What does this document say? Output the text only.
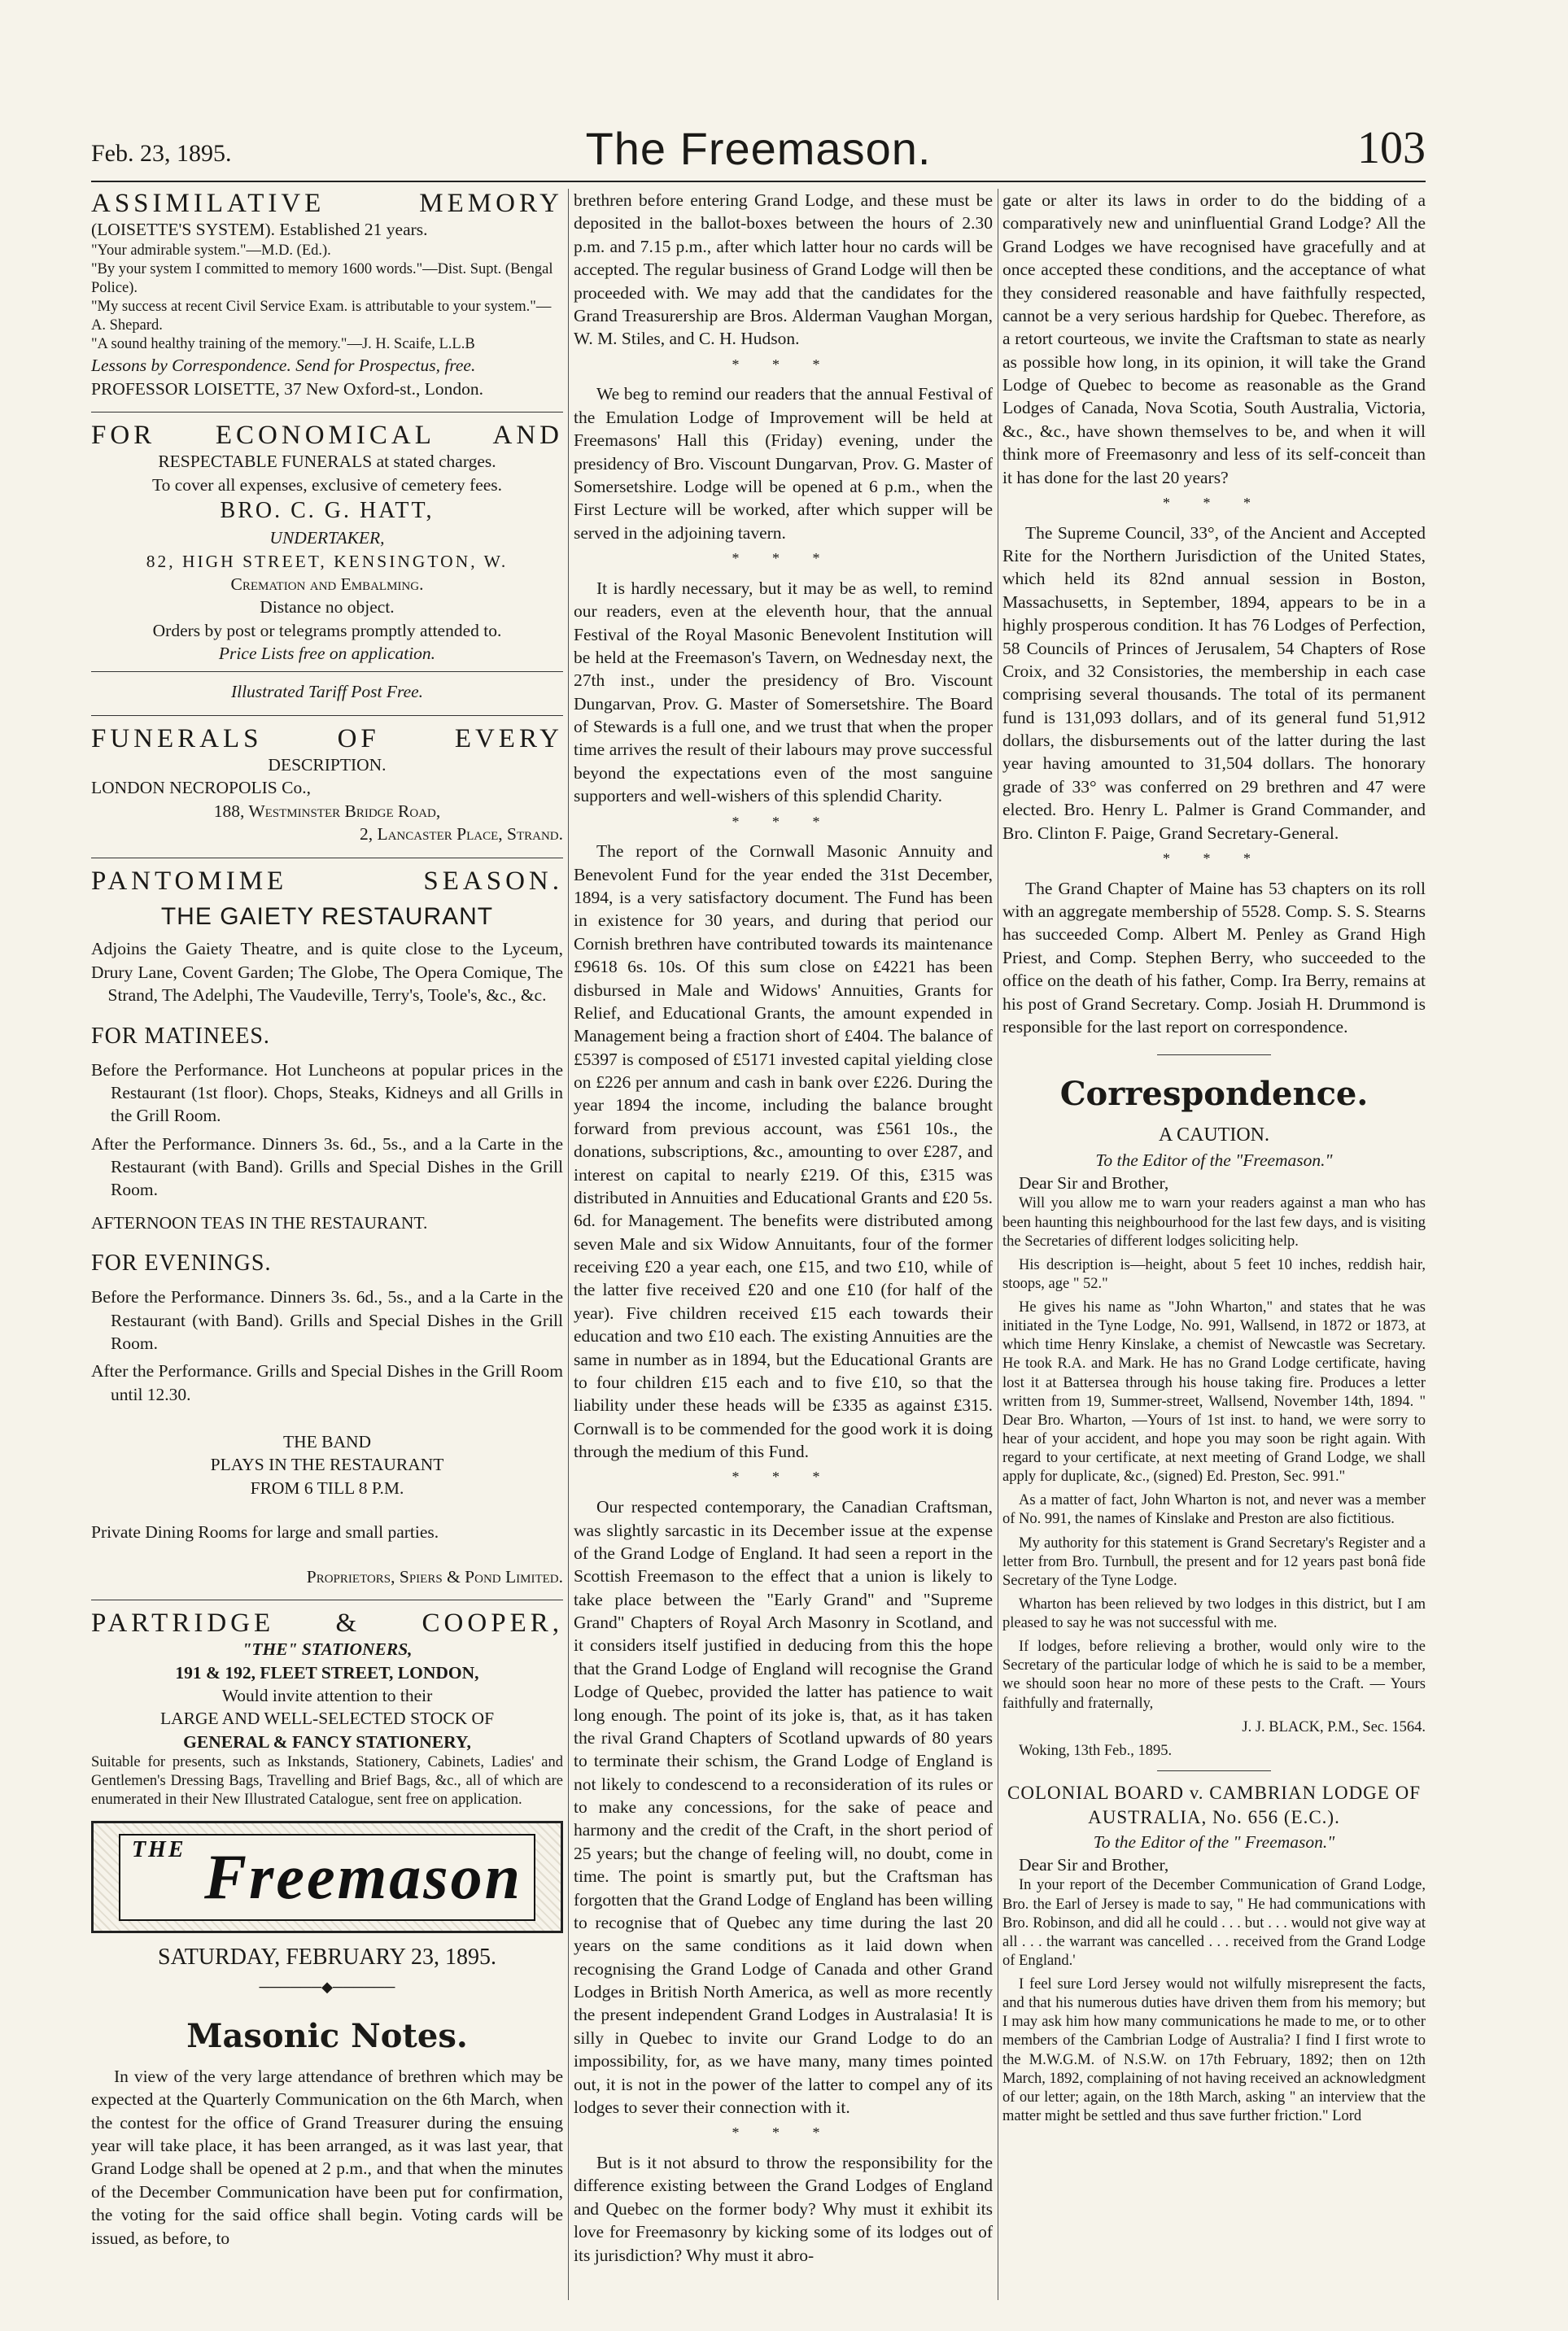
Feb. 23, 1895.	The Freemason.	103
ASSIMILATIVE MEMORY
(LOISETTE'S SYSTEM). Established 21 years.
"Your admirable system."—M.D. (Ed.).
"By your system I committed to memory 1600 words."—Dist. Supt. (Bengal Police).
"My success at recent Civil Service Exam. is attributable to your system."—A. Shepard.
"A sound healthy training of the memory."—J. H. Scaife, L.L.B
Lessons by Correspondence. Send for Prospectus, free.
PROFESSOR LOISETTE, 37 New Oxford-st., London.
FOR ECONOMICAL AND
RESPECTABLE FUNERALS at stated charges.
To cover all expenses, exclusive of cemetery fees.
BRO. C. G. HATT,
UNDERTAKER,
82, HIGH STREET, KENSINGTON, W.
Cremation and Embalming.
Distance no object.
Orders by post or telegrams promptly attended to.
Price Lists free on application.
Illustrated Tariff Post Free.
FUNERALS OF EVERY
DESCRIPTION.
LONDON NECROPOLIS Co.,
188, Westminster Bridge Road,
2, Lancaster Place, Strand.
PANTOMIME SEASON.
THE GAIETY RESTAURANT

Adjoins the Gaiety Theatre, and is quite close to the Lyceum, Drury Lane, Covent Garden; The Globe, The Opera Comique, The Strand, The Adelphi, The Vaudeville, Terry's, Toole's, &c., &c.

FOR MATINEES.

Before the Performance. Hot Luncheons at popular prices in the Restaurant (1st floor). Chops, Steaks, Kidneys and all Grills in the Grill Room.

After the Performance. Dinners 3s. 6d., 5s., and a la Carte in the Restaurant (with Band). Grills and Special Dishes in the Grill Room.

AFTERNOON TEAS IN THE RESTAURANT.
FOR EVENINGS.

Before the Performance. Dinners 3s. 6d., 5s., and a la Carte in the Restaurant (with Band). Grills and Special Dishes in the Grill Room.

After the Performance. Grills and Special Dishes in the Grill Room until 12.30.

THE BAND
PLAYS IN THE RESTAURANT
FROM 6 TILL 8 P.M.
Private Dining Rooms for large and small parties.
Proprietors, Spiers & Pond Limited.
PARTRIDGE & COOPER,
"THE" STATIONERS,
191 & 192, FLEET STREET, LONDON,
Would invite attention to their
LARGE AND WELL-SELECTED STOCK OF
GENERAL & FANCY STATIONERY,
Suitable for presents, such as Inkstands, Stationery, Cabinets, Ladies' and Gentlemen's Dressing Bags, Travelling and Brief Bags, &c., all of which are enumerated in their New Illustrated Catalogue, sent free on application.
$^{THE}$ Freemason
SATURDAY, FEBRUARY 23, 1895.
──────◆──────
Masonic Notes.

In view of the very large attendance of brethren which may be expected at the Quarterly Communication on the 6th March, when the contest for the office of Grand Treasurer during the ensuing year will take place, it has been arranged, as it was last year, that Grand Lodge shall be opened at 2 p.m., and that when the minutes of the December Communication have been put for confirmation, the voting for the said office shall begin. Voting cards will be issued, as before, to

brethren before entering Grand Lodge, and these must be deposited in the ballot-boxes between the hours of 2.30 p.m. and 7.15 p.m., after which latter hour no cards will be accepted. The regular business of Grand Lodge will then be proceeded with. We may add that the candidates for the Grand Treasurership are Bros. Alderman Vaughan Morgan, W. M. Stiles, and C. H. Hudson.

* * *

We beg to remind our readers that the annual Festival of the Emulation Lodge of Improvement will be held at Freemasons' Hall this (Friday) evening, under the presidency of Bro. Viscount Dungarvan, Prov. G. Master of Somersetshire. Lodge will be opened at 6 p.m., when the First Lecture will be worked, after which supper will be served in the adjoining tavern.

* * *

It is hardly necessary, but it may be as well, to remind our readers, even at the eleventh hour, that the annual Festival of the Royal Masonic Benevolent Institution will be held at the Freemason's Tavern, on Wednesday next, the 27th inst., under the presidency of Bro. Viscount Dungarvan, Prov. G. Master of Somersetshire. The Board of Stewards is a full one, and we trust that when the proper time arrives the result of their labours may prove successful beyond the expectations even of the most sanguine supporters and well-wishers of this splendid Charity.

* * *

The report of the Cornwall Masonic Annuity and Benevolent Fund for the year ended the 31st December, 1894, is a very satisfactory document. The Fund has been in existence for 30 years, and during that period our Cornish brethren have contributed towards its maintenance £9618 6s. 10s. Of this sum close on £4221 has been disbursed in Male and Widows' Annuities, Grants for Relief, and Educational Grants, the amount expended in Management being a fraction short of £404. The balance of £5397 is composed of £5171 invested capital yielding close on £226 per annum and cash in bank over £226. During the year 1894 the income, including the balance brought forward from previous account, was £561 10s., the donations, subscriptions, &c., amounting to over £287, and interest on capital to nearly £219. Of this, £315 was distributed in Annuities and Educational Grants and £20 5s. 6d. for Management. The benefits were distributed among seven Male and six Widow Annuitants, four of the former receiving £20 a year each, one £15, and two £10, while of the latter five received £20 and one £10 (for half of the year). Five children received £15 each towards their education and two £10 each. The existing Annuities are the same in number as in 1894, but the Educational Grants are to four children £15 each and to five £10, so that the liability under these heads will be £335 as against £315. Cornwall is to be commended for the good work it is doing through the medium of this Fund.

* * *

Our respected contemporary, the Canadian Craftsman, was slightly sarcastic in its December issue at the expense of the Grand Lodge of England. It had seen a report in the Scottish Freemason to the effect that a union is likely to take place between the "Early Grand" and "Supreme Grand" Chapters of Royal Arch Masonry in Scotland, and it considers itself justified in deducing from this the hope that the Grand Lodge of England will recognise the Grand Lodge of Quebec, provided the latter has patience to wait long enough. The point of its joke is, that, as it has taken the rival Grand Chapters of Scotland upwards of 80 years to terminate their schism, the Grand Lodge of England is not likely to condescend to a reconsideration of its rules or to make any concessions, for the sake of peace and harmony and the credit of the Craft, in the short period of 25 years; but the change of feeling will, no doubt, come in time. The point is smartly put, but the Craftsman has forgotten that the Grand Lodge of England has been willing to recognise that of Quebec any time during the last 20 years on the same conditions as it laid down when recognising the Grand Lodge of Canada and other Grand Lodges in British North America, as well as more recently the present independent Grand Lodges in Australasia! It is silly in Quebec to invite our Grand Lodge to do an impossibility, for, as we have many, many times pointed out, it is not in the power of the latter to compel any of its lodges to sever their connection with it.

* * *

But is it not absurd to throw the responsibility for the difference existing between the Grand Lodges of England and Quebec on the former body? Why must it exhibit its love for Freemasonry by kicking some of its lodges out of its jurisdiction? Why must it abro-

gate or alter its laws in order to do the bidding of a comparatively new and uninfluential Grand Lodge? All the Grand Lodges we have recognised have gracefully and at once accepted these conditions, and the acceptance of what they considered reasonable and have faithfully respected, cannot be a very serious hardship for Quebec. Therefore, as a retort courteous, we invite the Craftsman to state as nearly as possible how long, in its opinion, it will take the Grand Lodge of Quebec to become as reasonable as the Grand Lodges of Canada, Nova Scotia, South Australia, Victoria, &c., &c., have shown themselves to be, and when it will think more of Freemasonry and less of its self-conceit than it has done for the last 20 years?

* * *

The Supreme Council, 33°, of the Ancient and Accepted Rite for the Northern Jurisdiction of the United States, which held its 82nd annual session in Boston, Massachusetts, in September, 1894, appears to be in a highly prosperous condition. It has 76 Lodges of Perfection, 58 Councils of Princes of Jerusalem, 54 Chapters of Rose Croix, and 32 Consistories, the membership in each case comprising several thousands. The total of its permanent fund is 131,093 dollars, and of its general fund 51,912 dollars, the disbursements out of the latter during the last year having amounted to 31,504 dollars. The honorary grade of 33° was conferred on 29 brethren and 47 were elected. Bro. Henry L. Palmer is Grand Commander, and Bro. Clinton F. Paige, Grand Secretary-General.

* * *

The Grand Chapter of Maine has 53 chapters on its roll with an aggregate membership of 5528. Comp. S. S. Stearns has succeeded Comp. Albert M. Penley as Grand High Priest, and Comp. Stephen Berry, who succeeded to the office on the death of his father, Comp. Ira Berry, remains at his post of Grand Secretary. Comp. Josiah H. Drummond is responsible for the last report on correspondence.

Correspondence.
A CAUTION.
To the Editor of the "Freemason."
Dear Sir and Brother,

Will you allow me to warn your readers against a man who has been haunting this neighbourhood for the last few days, and is visiting the Secretaries of different lodges soliciting help.

His description is—height, about 5 feet 10 inches, reddish hair, stoops, age " 52."

He gives his name as "John Wharton," and states that he was initiated in the Tyne Lodge, No. 991, Wallsend, in 1872 or 1873, at which time Henry Kinslake, a chemist of Newcastle was Secretary. He took R.A. and Mark. He has no Grand Lodge certificate, having lost it at Battersea through his house taking fire. Produces a letter written from 19, Summer-street, Wallsend, November 14th, 1894. " Dear Bro. Wharton, —Yours of 1st inst. to hand, we were sorry to hear of your accident, and hope you may soon be right again. With regard to your certificate, at next meeting of Grand Lodge, we shall apply for duplicate, &c., (signed) Ed. Preston, Sec. 991."

As a matter of fact, John Wharton is not, and never was a member of No. 991, the names of Kinslake and Preston are also fictitious.

My authority for this statement is Grand Secretary's Register and a letter from Bro. Turnbull, the present and for 12 years past bonâ fide Secretary of the Tyne Lodge.

Wharton has been relieved by two lodges in this district, but I am pleased to say he was not successful with me.

If lodges, before relieving a brother, would only wire to the Secretary of the particular lodge of which he is said to be a member, we should soon hear no more of these pests to the Craft. — Yours faithfully and fraternally,

J. J. BLACK, P.M., Sec. 1564.

Woking, 13th Feb., 1895.

COLONIAL BOARD v. CAMBRIAN LODGE OF AUSTRALIA, No. 656 (E.C.).
To the Editor of the " Freemason."
Dear Sir and Brother,

In your report of the December Communication of Grand Lodge, Bro. the Earl of Jersey is made to say, " He had communications with Bro. Robinson, and did all he could . . . but . . . would not give way at all . . . the warrant was cancelled . . . received from the Grand Lodge of England.'

I feel sure Lord Jersey would not wilfully misrepresent the facts, and that his numerous duties have driven them from his memory; but I may ask him how many communications he made to me, or to other members of the Cambrian Lodge of Australia? I find I first wrote to the M.W.G.M. of N.S.W. on 17th February, 1892; then on 12th March, 1892, complaining of not having received an acknowledgment of our letter; again, on the 18th March, asking " an interview that the matter might be settled and thus save further friction." Lord
